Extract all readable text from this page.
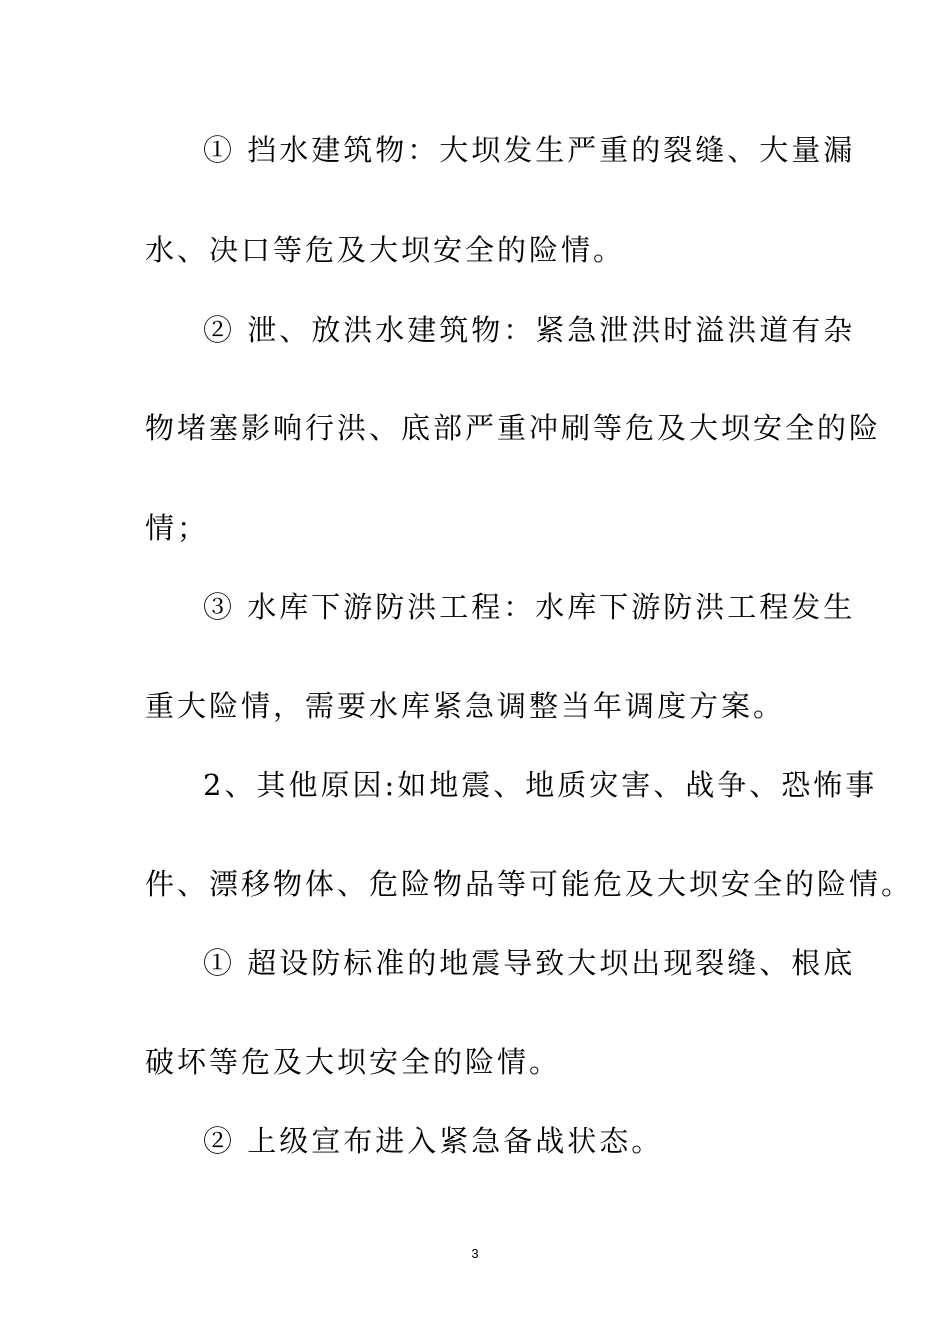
① 挡水建筑物：大坝发生严重的裂缝、大量漏
水、决口等危及大坝安全的险情。
② 泄、放洪水建筑物：紧急泄洪时溢洪道有杂
物堵塞影响行洪、底部严重冲刷等危及大坝安全的险
情；
③ 水库下游防洪工程：水库下游防洪工程发生
重大险情，需要水库紧急调整当年调度方案。
2、其他原因:如地震、地质灾害、战争、恐怖事
件、漂移物体、危险物品等可能危及大坝安全的险情。
① 超设防标准的地震导致大坝出现裂缝、根底
破坏等危及大坝安全的险情。
② 上级宣布进入紧急备战状态。
3
